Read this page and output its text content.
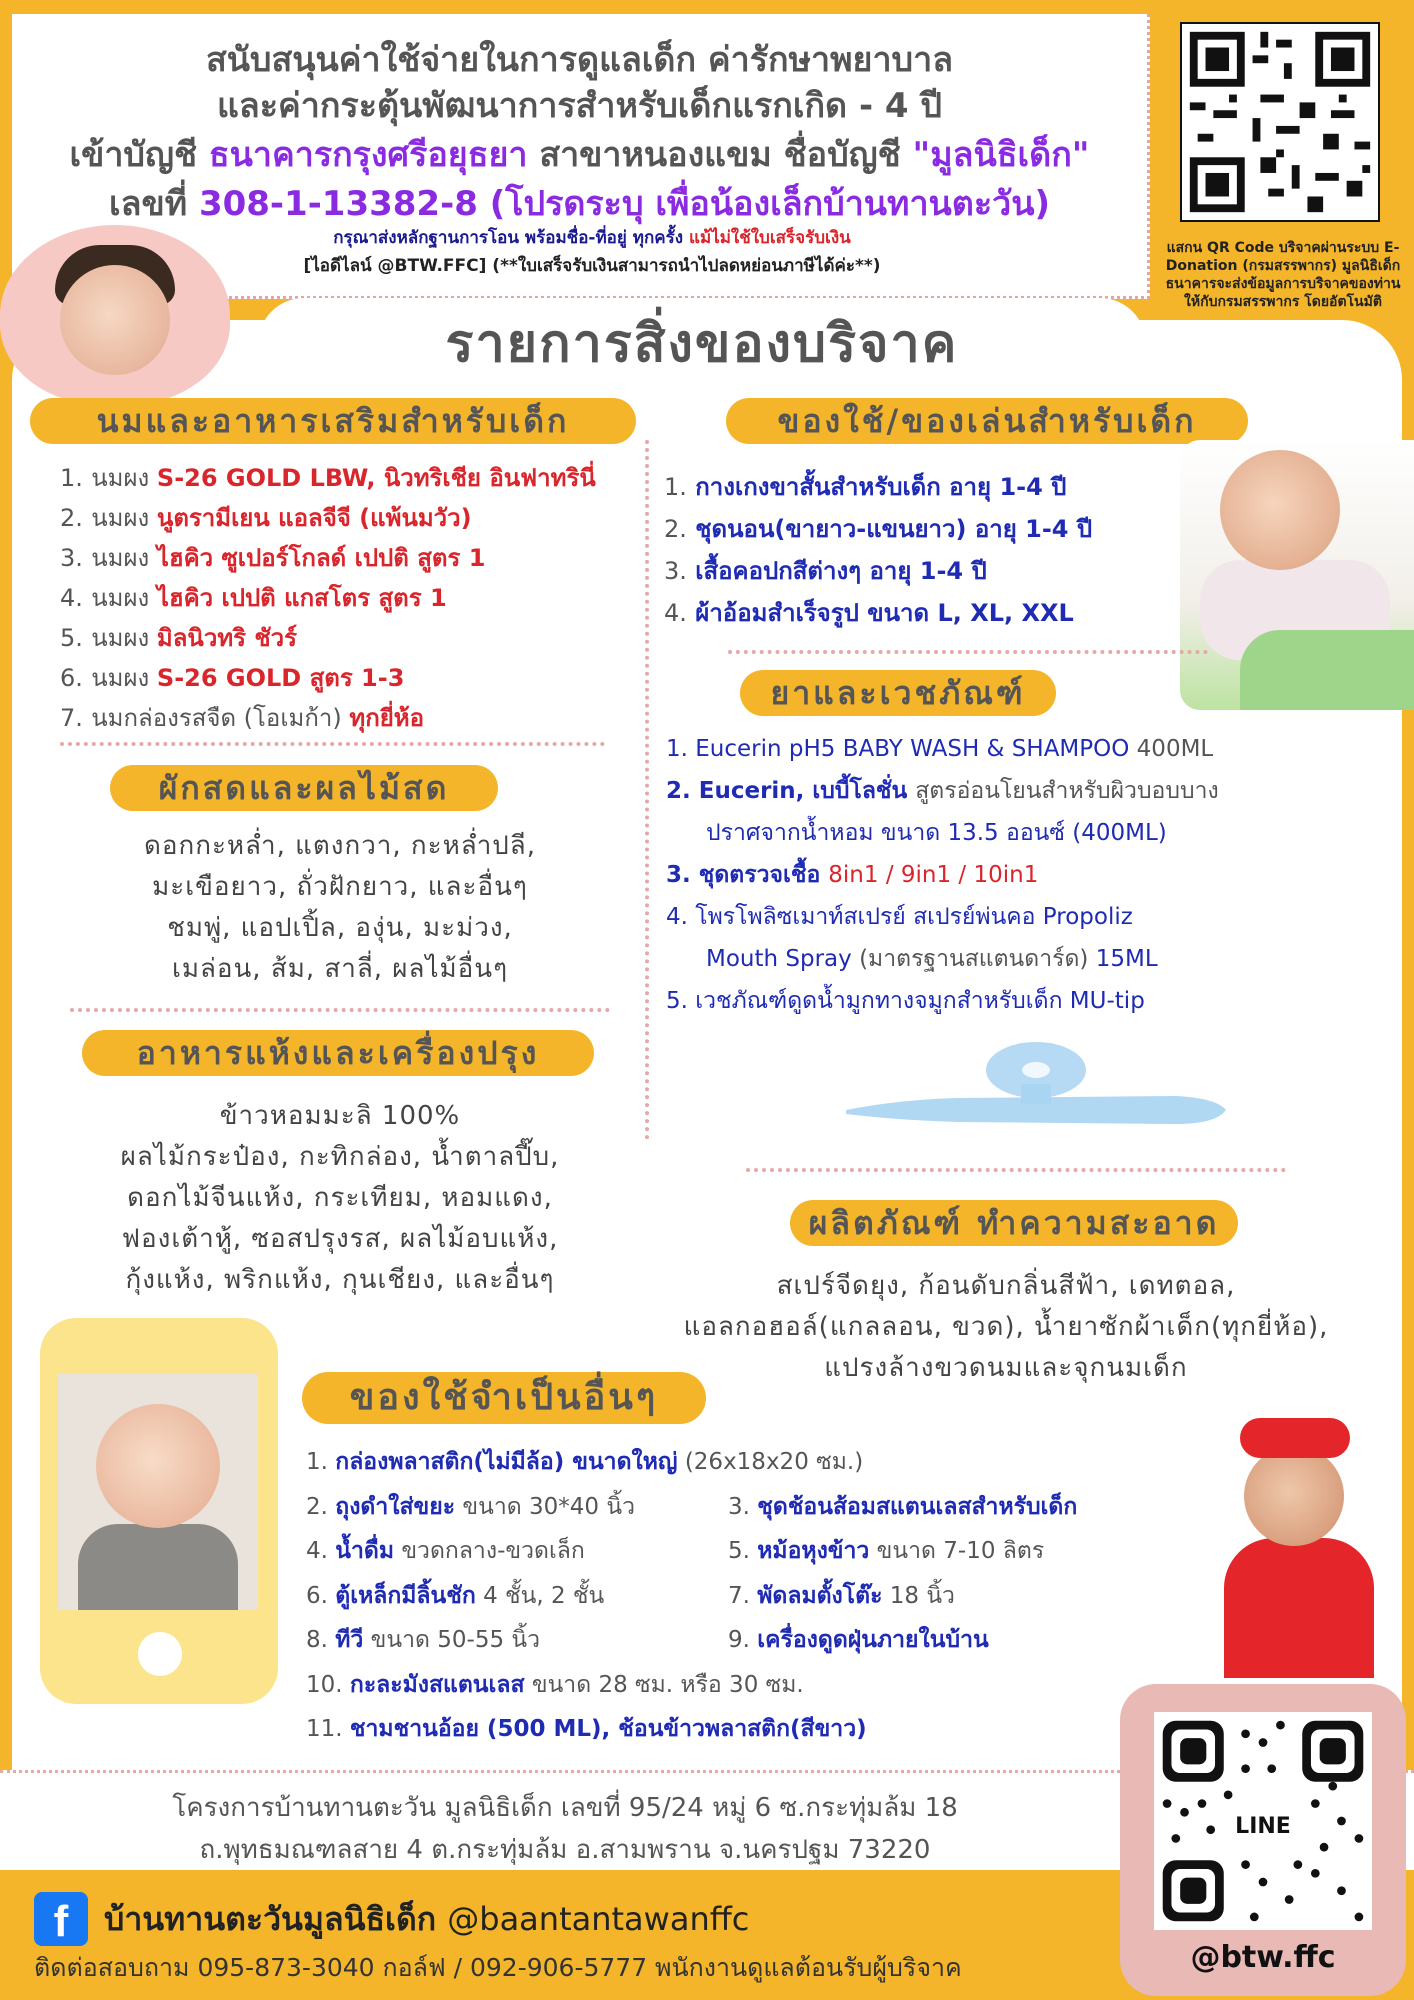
สนับสนุนค่าใช้จ่ายในการดูแลเด็ก ค่ารักษาพยาบาล
และค่ากระตุ้นพัฒนาการสำหรับเด็กแรกเกิด - 4 ปี
เข้าบัญชี ธนาคารกรุงศรีอยุธยา สาขาหนองแขม ชื่อบัญชี "มูลนิธิเด็ก"
เลขที่ 308-1-13382-8 (โปรดระบุ เพื่อน้องเล็กบ้านทานตะวัน)
กรุณาส่งหลักฐานการโอน พร้อมชื่อ-ที่อยู่ ทุกครั้ง แม้ไม่ใช้ใบเสร็จรับเงิน
[ไอดีไลน์ @BTW.FFC] (**ใบเสร็จรับเงินสามารถนำไปลดหย่อนภาษีได้ค่ะ**)
แสกน QR Code บริจาคผ่านระบบ E-Donation (กรมสรรพากร) มูลนิธิเด็ก ธนาคารจะส่งข้อมูลการบริจาคของท่าน ให้กับกรมสรรพากร โดยอัตโนมัติ
รายการสิ่งของบริจาค
นมและอาหารเสริมสำหรับเด็ก
1. นมผง S-26 GOLD LBW, นิวทริเชีย อินฟาทรินี่
2. นมผง นูตรามีเยน แอลจีจี (แพ้นมวัว)
3. นมผง ไฮคิว ซูเปอร์โกลด์ เปปติ สูตร 1
4. นมผง ไฮคิว เปปติ แกสโตร สูตร 1
5. นมผง มิลนิวทริ ชัวร์
6. นมผง S-26 GOLD สูตร 1-3
7. นมกล่องรสจืด (โอเมก้า) ทุกยี่ห้อ
ผักสดและผลไม้สด
ดอกกะหล่ำ, แตงกวา, กะหล่ำปลี,
มะเขือยาว, ถั่วฝักยาว, และอื่นๆ
ชมพู่, แอปเปิ้ล, องุ่น, มะม่วง,
เมล่อน, ส้ม, สาลี่, ผลไม้อื่นๆ
อาหารแห้งและเครื่องปรุง
ข้าวหอมมะลิ 100%
ผลไม้กระป๋อง, กะทิกล่อง, น้ำตาลปี๊บ,
ดอกไม้จีนแห้ง, กระเทียม, หอมแดง,
ฟองเต้าหู้, ซอสปรุงรส, ผลไม้อบแห้ง,
กุ้งแห้ง, พริกแห้ง, กุนเชียง, และอื่นๆ
ของใช้/ของเล่นสำหรับเด็ก
1. กางเกงขาสั้นสำหรับเด็ก อายุ 1-4 ปี
2. ชุดนอน(ขายาว-แขนยาว) อายุ 1-4 ปี
3. เสื้อคอปกสีต่างๆ อายุ 1-4 ปี
4. ผ้าอ้อมสำเร็จรูป ขนาด L, XL, XXL
ยาและเวชภัณฑ์
1. Eucerin pH5 BABY WASH & SHAMPOO 400ML
2. Eucerin, เบบี้โลชั่น สูตรอ่อนโยนสำหรับผิวบอบบาง
ปราศจากน้ำหอม ขนาด 13.5 ออนซ์ (400ML)
3. ชุดตรวจเชื้อ 8in1 / 9in1 / 10in1
4. โพรโพลิซเมาท์สเปรย์ สเปรย์พ่นคอ Propoliz
Mouth Spray (มาตรฐานสแตนดาร์ด) 15ML
5. เวชภัณฑ์ดูดน้ำมูกทางจมูกสำหรับเด็ก MU-tip
ผลิตภัณฑ์ ทำความสะอาด
สเปร์จีดยุง, ก้อนดับกลิ่นสีฟ้า, เดทตอล,
แอลกอฮอล์(แกลลอน, ขวด), น้ำยาซักผ้าเด็ก(ทุกยี่ห้อ),
แปรงล้างขวดนมและจุกนมเด็ก
ของใช้จำเป็นอื่นๆ
1. กล่องพลาสติก(ไม่มีล้อ) ขนาดใหญ่ (26x18x20 ซม.)
2. ถุงดำใส่ขยะ ขนาด 30*40 นิ้ว	3. ชุดช้อนส้อมสแตนเลสสำหรับเด็ก
4. น้ำดื่ม ขวดกลาง-ขวดเล็ก	5. หม้อหุงข้าว ขนาด 7-10 ลิตร
6. ตู้เหล็กมีลิ้นชัก 4 ชั้น, 2 ชั้น	7. พัดลมตั้งโต๊ะ 18 นิ้ว
8. ทีวี ขนาด 50-55 นิ้ว	9. เครื่องดูดฝุ่นภายในบ้าน
10. กะละมังสแตนเลส ขนาด 28 ซม. หรือ 30 ซม.
11. ชามชานอ้อย (500 ML), ช้อนข้าวพลาสติก(สีขาว)
โครงการบ้านทานตะวัน มูลนิธิเด็ก เลขที่ 95/24 หมู่ 6 ซ.กระทุ่มล้ม 18
ถ.พุทธมณฑลสาย 4 ต.กระทุ่มล้ม อ.สามพราน จ.นครปฐม 73220
f	บ้านทานตะวันมูลนิธิเด็ก @baantantawanffc
ติดต่อสอบถาม 095-873-3040 กอล์ฟ / 092-906-5777 พนักงานดูแลต้อนรับผู้บริจาค
LINE
@btw.ffc
